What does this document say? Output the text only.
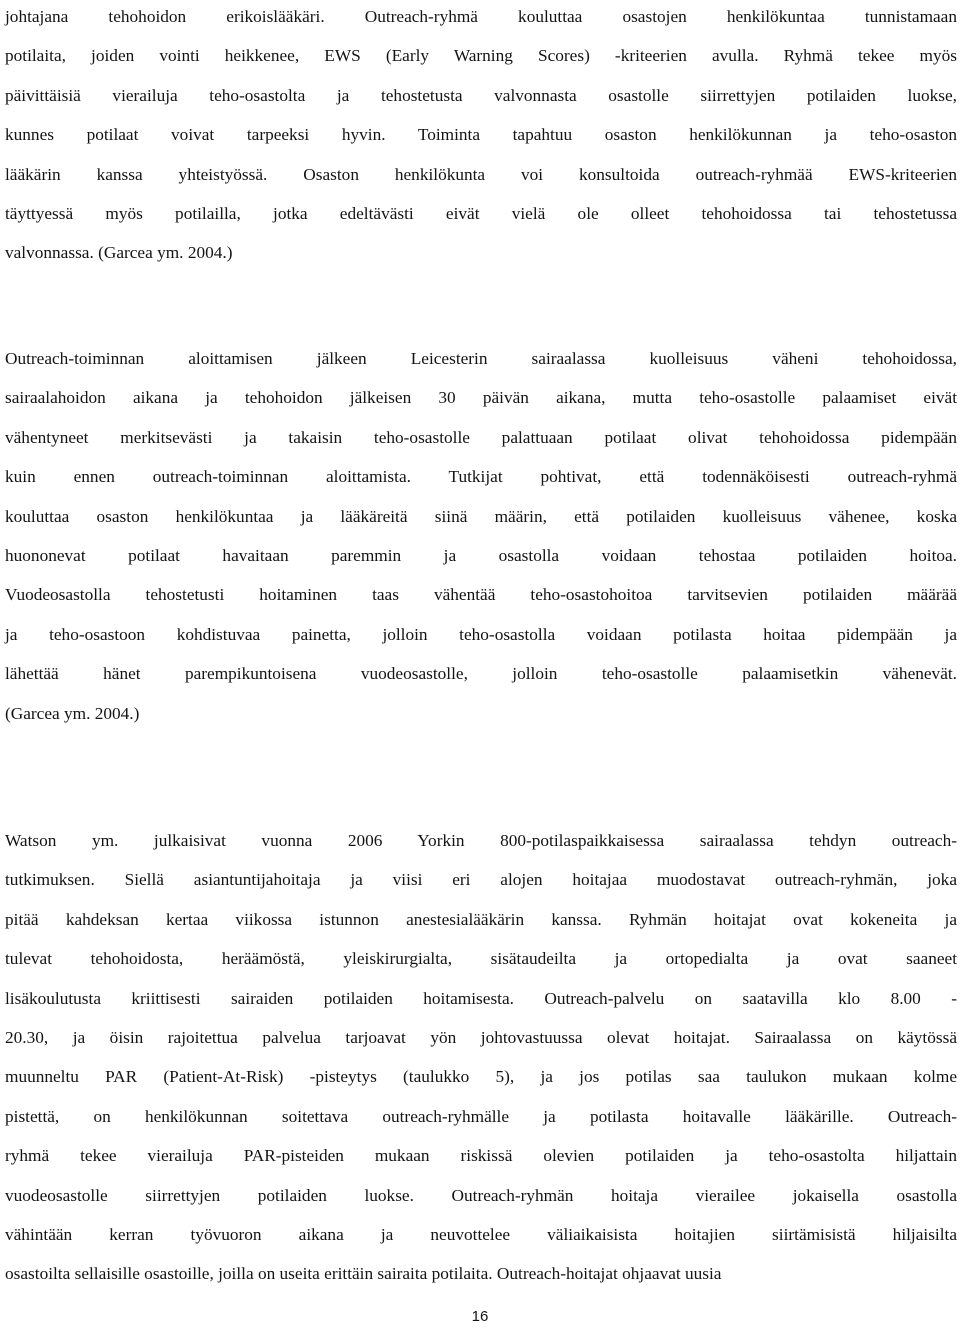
johtajana tehohoidon erikoislääkäri. Outreach-ryhmä kouluttaa osastojen henkilökuntaa tunnistamaan
potilaita, joiden vointi heikkenee, EWS (Early Warning Scores) -kriteerien avulla. Ryhmä tekee myös
päivittäisiä vierailuja teho-osastolta ja tehostetusta valvonnasta osastolle siirrettyjen potilaiden luokse,
kunnes potilaat voivat tarpeeksi hyvin. Toiminta tapahtuu osaston henkilökunnan ja teho-osaston
lääkärin kanssa yhteistyössä. Osaston henkilökunta voi konsultoida outreach-ryhmää EWS-kriteerien
täyttyessä myös potilailla, jotka edeltävästi eivät vielä ole olleet tehohoidossa tai tehostetussa
valvonnassa. (Garcea ym. 2004.)
Outreach-toiminnan aloittamisen jälkeen Leicesterin sairaalassa kuolleisuus väheni tehohoidossa,
sairaalahoidon aikana ja tehohoidon jälkeisen 30 päivän aikana, mutta teho-osastolle palaamiset eivät
vähentyneet merkitsevästi ja takaisin teho-osastolle palattuaan potilaat olivat tehohoidossa pidempään
kuin ennen outreach-toiminnan aloittamista. Tutkijat pohtivat, että todennäköisesti outreach-ryhmä
kouluttaa osaston henkilökuntaa ja lääkäreitä siinä määrin, että potilaiden kuolleisuus vähenee, koska
huononevat potilaat havaitaan paremmin ja osastolla voidaan tehostaa potilaiden hoitoa.
Vuodeosastolla tehostetusti hoitaminen taas vähentää teho-osastohoitoa tarvitsevien potilaiden määrää
ja teho-osastoon kohdistuvaa painetta, jolloin teho-osastolla voidaan potilasta hoitaa pidempään ja
lähettää hänet parempikuntoisena vuodeosastolle, jolloin teho-osastolle palaamisetkin vähenevät.
(Garcea ym. 2004.)
Watson ym. julkaisivat vuonna 2006 Yorkin 800-potilaspaikkaisessa sairaalassa tehdyn outreach-
tutkimuksen. Siellä asiantuntijahoitaja ja viisi eri alojen hoitajaa muodostavat outreach-ryhmän, joka
pitää kahdeksan kertaa viikossa istunnon anestesialääkärin kanssa. Ryhmän hoitajat ovat kokeneita ja
tulevat tehohoidosta, heräämöstä, yleiskirurgialta, sisätaudeilta ja ortopedialta ja ovat saaneet
lisäkoulutusta kriittisesti sairaiden potilaiden hoitamisesta. Outreach-palvelu on saatavilla klo 8.00 -
20.30, ja öisin rajoitettua palvelua tarjoavat yön johtovastuussa olevat hoitajat. Sairaalassa on käytössä
muunneltu PAR (Patient-At-Risk) -pisteytys (taulukko 5), ja jos potilas saa taulukon mukaan kolme
pistettä, on henkilökunnan soitettava outreach-ryhmälle ja potilasta hoitavalle lääkärille. Outreach-
ryhmä tekee vierailuja PAR-pisteiden mukaan riskissä olevien potilaiden ja teho-osastolta hiljattain
vuodeosastolle siirrettyjen potilaiden luokse. Outreach-ryhmän hoitaja vierailee jokaisella osastolla
vähintään kerran työvuoron aikana ja neuvottelee väliaikaisista hoitajien siirtämisistä hiljaisilta
osastoilta sellaisille osastoille, joilla on useita erittäin sairaita potilaita. Outreach-hoitajat ohjaavat uusia
16
